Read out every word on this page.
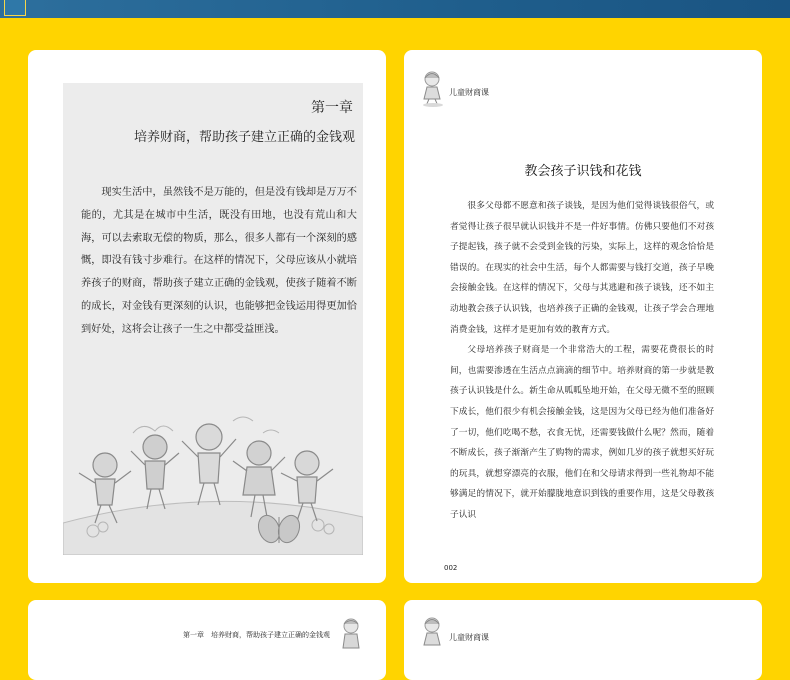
第一章
培养财商，帮助孩子建立正确的金钱观

现实生活中，虽然钱不是万能的，但是没有钱却是万万不能的，尤其是在城市中生活，既没有田地，也没有荒山和大海，可以去索取无偿的物质，那么，很多人都有一个深刻的感慨，即没有钱寸步难行。在这样的情况下，父母应该从小就培养孩子的财商，帮助孩子建立正确的金钱观，使孩子随着不断的成长，对金钱有更深刻的认识，也能够把金钱运用得更加恰到好处，这将会让孩子一生之中都受益匪浅。

儿童财商课
教会孩子识钱和花钱

很多父母都不愿意和孩子谈钱，是因为他们觉得谈钱很俗气，或者觉得让孩子很早就认识钱并不是一件好事情。仿佛只要他们不对孩子提起钱，孩子就不会受到金钱的污染，实际上，这样的观念恰恰是错误的。在现实的社会中生活，每个人都需要与钱打交道，孩子早晚会接触金钱。在这样的情况下，父母与其逃避和孩子谈钱，还不如主动地教会孩子认识钱，也培养孩子正确的金钱观，让孩子学会合理地消费金钱，这样才是更加有效的教育方式。

父母培养孩子财商是一个非常浩大的工程，需要花费很长的时间，也需要渗透在生活点点滴滴的细节中。培养财商的第一步就是教孩子认识钱是什么。新生命从呱呱坠地开始，在父母无微不至的照顾下成长，他们很少有机会接触金钱，这是因为父母已经为他们准备好了一切，他们吃喝不愁，衣食无忧，还需要钱做什么呢？然而，随着不断成长，孩子渐渐产生了购物的需求，例如几岁的孩子就想买好玩的玩具，就想穿漂亮的衣服，他们在和父母请求得到一些礼物却不能够满足的情况下，就开始朦胧地意识到钱的重要作用，这是父母教孩子认识

002
第一章　培养财商，帮助孩子建立正确的金钱观	儿童财商课
